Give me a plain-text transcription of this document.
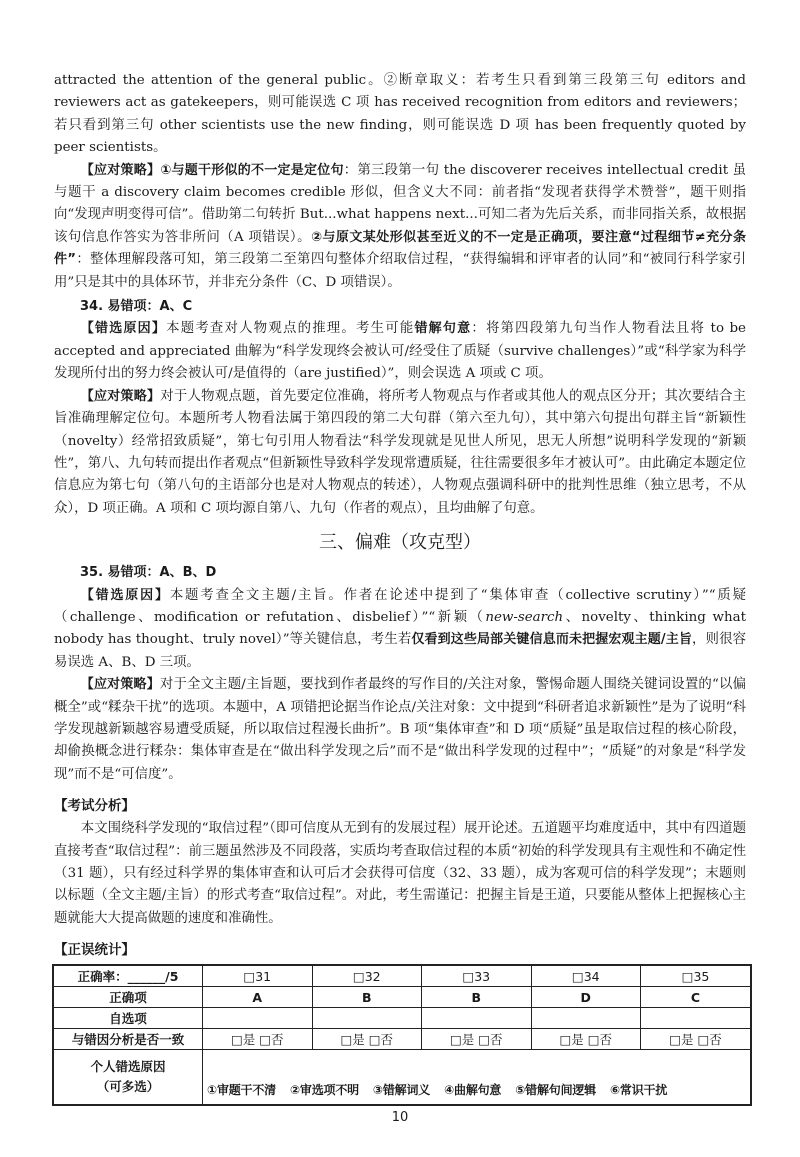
attracted the attention of the general public。②断章取义：若考生只看到第三段第三句 editors and reviewers act as gatekeepers，则可能误选 C 项 has received recognition from editors and reviewers；若只看到第三句 other scientists use the new finding，则可能误选 D 项 has been frequently quoted by peer scientists。

【应对策略】①与题干形似的不一定是定位句：第三段第一句 the discoverer receives intellectual credit 虽与题干 a discovery claim becomes credible 形似，但含义大不同：前者指“发现者获得学术赞誉”，题干则指向“发现声明变得可信”。借助第二句转折 But...what happens next...可知二者为先后关系，而非同指关系，故根据该句信息作答实为答非所问（A 项错误）。②与原文某处形似甚至近义的不一定是正确项，要注意“过程细节≠充分条件”：整体理解段落可知，第三段第二至第四句整体介绍取信过程，“获得编辑和评审者的认同”和“被同行科学家引用”只是其中的具体环节，并非充分条件（C、D 项错误）。

34. 易错项：A、C

【错选原因】本题考查对人物观点的推理。考生可能错解句意：将第四段第九句当作人物看法且将 to be accepted and appreciated 曲解为“科学发现终会被认可/经受住了质疑（survive challenges）”或“科学家为科学发现所付出的努力终会被认可/是值得的（are justified）”，则会误选 A 项或 C 项。

【应对策略】对于人物观点题，首先要定位准确，将所考人物观点与作者或其他人的观点区分开；其次要结合主旨准确理解定位句。本题所考人物看法属于第四段的第二大句群（第六至九句），其中第六句提出句群主旨“新颖性（novelty）经常招致质疑”，第七句引用人物看法“科学发现就是见世人所见，思无人所想”说明科学发现的“新颖性”，第八、九句转而提出作者观点“但新颖性导致科学发现常遭质疑，往往需要很多年才被认可”。由此确定本题定位信息应为第七句（第八句的主语部分也是对人物观点的转述），人物观点强调科研中的批判性思维（独立思考，不从众），D 项正确。A 项和 C 项均源自第八、九句（作者的观点），且均曲解了句意。

三、偏难（攻克型）
35. 易错项：A、B、D

【错选原因】本题考查全文主题/主旨。作者在论述中提到了“集体审查（collective scrutiny）”“质疑（challenge、modification or refutation、disbelief）”“新颖（new-search、novelty、thinking what nobody has thought、truly novel）”等关键信息，考生若仅看到这些局部关键信息而未把握宏观主题/主旨，则很容易误选 A、B、D 三项。

【应对策略】对于全文主题/主旨题，要找到作者最终的写作目的/关注对象，警惕命题人围绕关键词设置的“以偏概全”或“糅杂干扰”的选项。本题中，A 项错把论据当作论点/关注对象：文中提到“科研者追求新颖性”是为了说明“科学发现越新颖越容易遭受质疑，所以取信过程漫长曲折”。B 项“集体审查”和 D 项“质疑”虽是取信过程的核心阶段，却偷换概念进行糅杂：集体审查是在“做出科学发现之后”而不是“做出科学发现的过程中”；“质疑”的对象是“科学发现”而不是“可信度”。

【考试分析】

本文围绕科学发现的“取信过程”（即可信度从无到有的发展过程）展开论述。五道题平均难度适中，其中有四道题直接考查“取信过程”：前三题虽然涉及不同段落，实质均考查取信过程的本质“初始的科学发现具有主观性和不确定性（31 题），只有经过科学界的集体审查和认可后才会获得可信度（32、33 题），成为客观可信的科学发现”；末题则以标题（全文主题/主旨）的形式考查“取信过程”。对此，考生需谨记：把握主旨是王道，只要能从整体上把握核心主题就能大大提高做题的速度和准确性。

【正误统计】
正确率：______/5	□31	□32	□33	□34	□35
正确项	A	B	B	D	C
自选项					
与错因分析是否一致	□是 □否	□是 □否	□是 □否	□是 □否	□是 □否
个人错选原因
（可多选）	①审题干不清 ②审选项不明 ③错解词义 ④曲解句意 ⑤错解句间逻辑 ⑥常识干扰				
10
